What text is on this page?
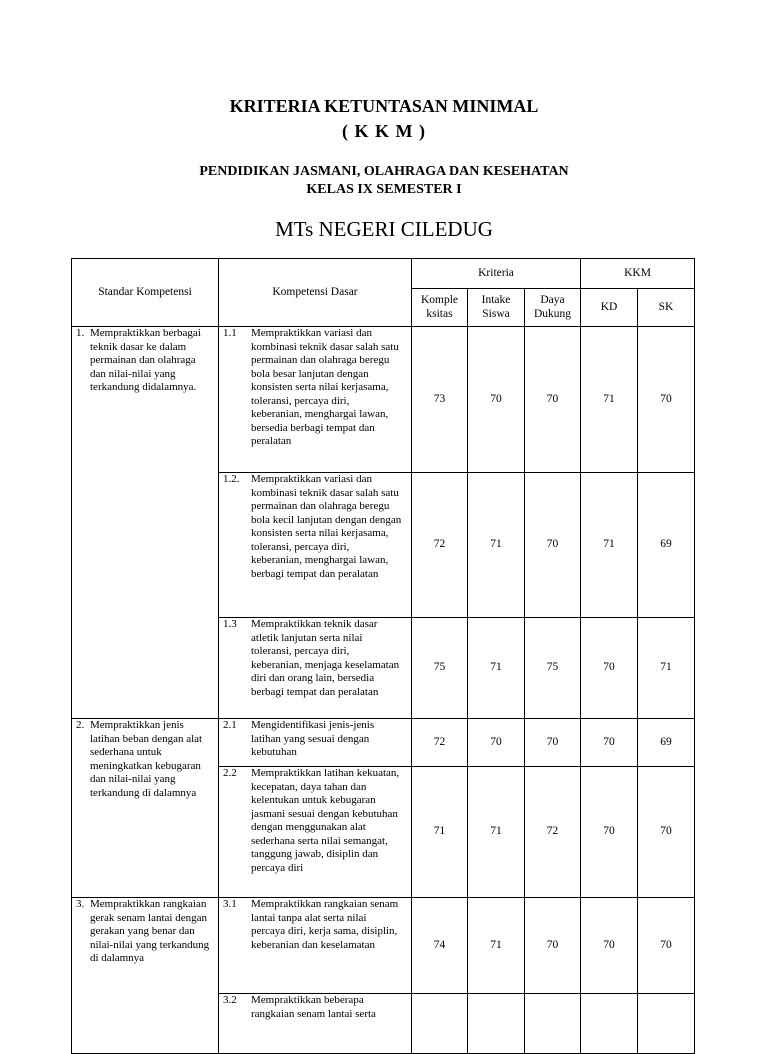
KRITERIA KETUNTASAN MINIMAL
( K K M )
PENDIDIKAN JASMANI, OLAHRAGA DAN KESEHATAN
KELAS IX SEMESTER I
MTs NEGERI CILEDUG
Standar Kompetensi	Kompetensi Dasar	Kriteria			KKM	
		Komple ksitas	Intake Siswa	Daya Dukung	KD	SK

1. Mempraktikkan berbagai teknik dasar ke dalam permainan dan olahraga dan nilai-nilai yang terkandung didalamnya.	1.1 Mempraktikkan variasi dan kombinasi teknik dasar salah satu permainan dan olahraga beregu bola besar lanjutan dengan konsisten serta nilai kerjasama, toleransi, percaya diri, keberanian, menghargai lawan, bersedia berbagi tempat dan peralatan	73	70	70	71	70

	1.2. Mempraktikkan variasi dan kombinasi teknik dasar salah satu permainan dan olahraga beregu bola kecil lanjutan dengan dengan konsisten serta nilai kerjasama, toleransi, percaya diri, keberanian, menghargai lawan, berbagi tempat dan peralatan	72	71	70	71	69

	1.3 Mempraktikkan teknik dasar atletik lanjutan serta nilai toleransi, percaya diri, keberanian, menjaga keselamatan diri dan orang lain, bersedia berbagi tempat dan peralatan	75	71	75	70	71

2. Mempraktikkan jenis latihan beban dengan alat sederhana untuk meningkatkan kebugaran dan nilai-nilai yang terkandung di dalamnya	2.1 Mengidentifikasi jenis-jenis latihan yang sesuai dengan kebutuhan	72	70	70	70	69

	2.2 Mempraktikkan latihan kekuatan, kecepatan, daya tahan dan kelentukan untuk kebugaran jasmani sesuai dengan kebutuhan dengan menggunakan alat sederhana serta nilai semangat, tanggung jawab, disiplin dan percaya diri	71	71	72	70	70

3. Mempraktikkan rangkaian gerak senam lantai dengan gerakan yang benar dan nilai-nilai yang terkandung di dalamnya	3.1 Mempraktikkan rangkaian senam lantai tanpa alat serta nilai percaya diri, kerja sama, disiplin, keberanian dan keselamatan	74	71	70	70	70

	3.2 Mempraktikkan beberapa rangkaian senam lantai serta					
